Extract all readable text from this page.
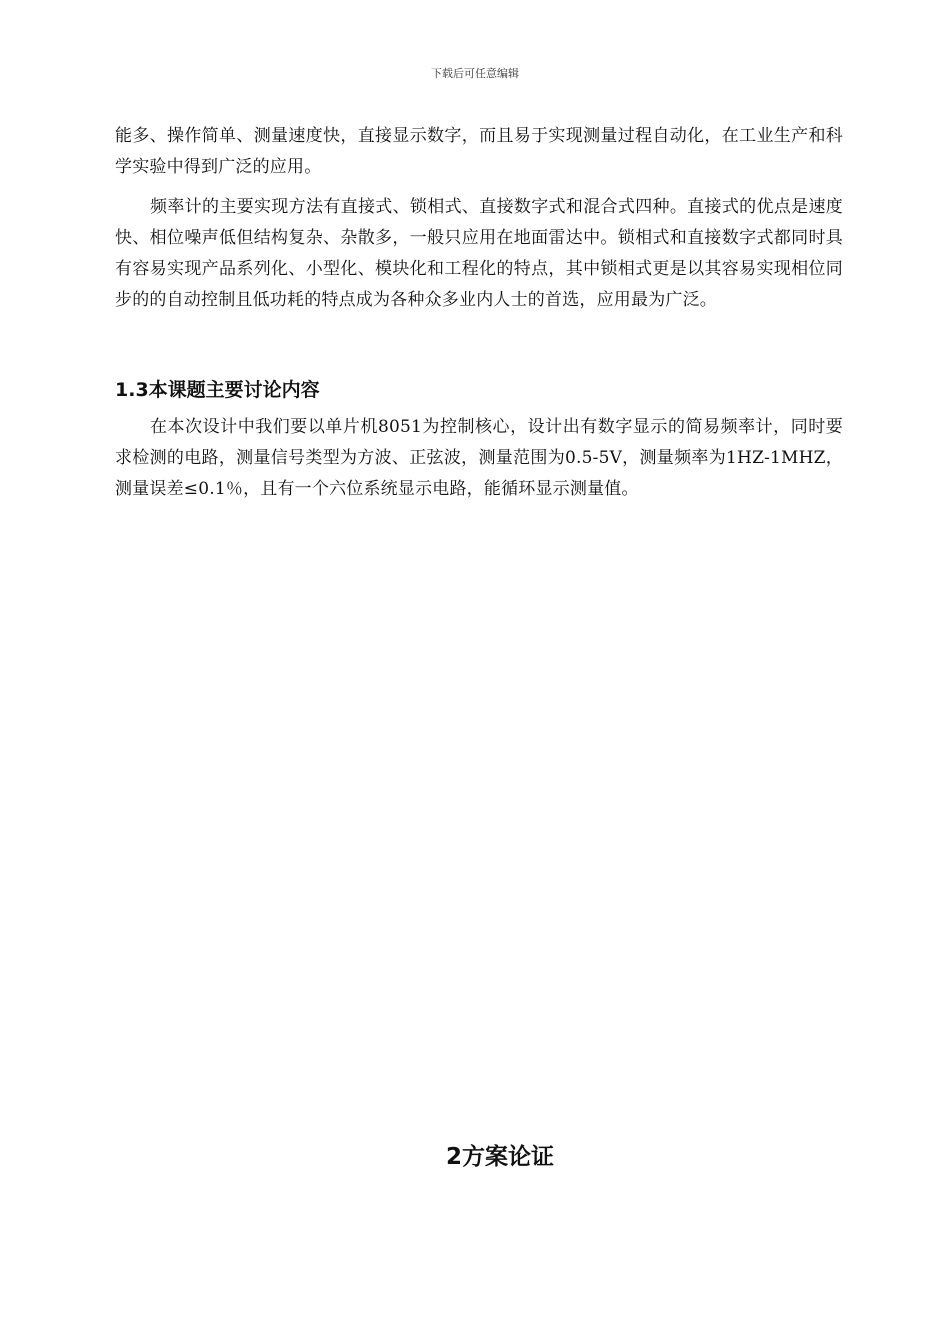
下载后可任意编辑

能多、操作简单、测量速度快，直接显示数字，而且易于实现测量过程自动化，在工业生产和科学实验中得到广泛的应用。

频率计的主要实现方法有直接式、锁相式、直接数字式和混合式四种。直接式的优点是速度快、相位噪声低但结构复杂、杂散多，一般只应用在地面雷达中。锁相式和直接数字式都同时具有容易实现产品系列化、小型化、模块化和工程化的特点，其中锁相式更是以其容易实现相位同步的的自动控制且低功耗的特点成为各种众多业内人士的首选，应用最为广泛。

1.3本课题主要讨论内容

在本次设计中我们要以单片机8051为控制核心，设计出有数字显示的简易频率计，同时要求检测的电路，测量信号类型为方波、正弦波，测量范围为0.5-5V，测量频率为1HZ-1MHZ，测量误差≤0.1％，且有一个六位系统显示电路，能循环显示测量值。

2方案论证
